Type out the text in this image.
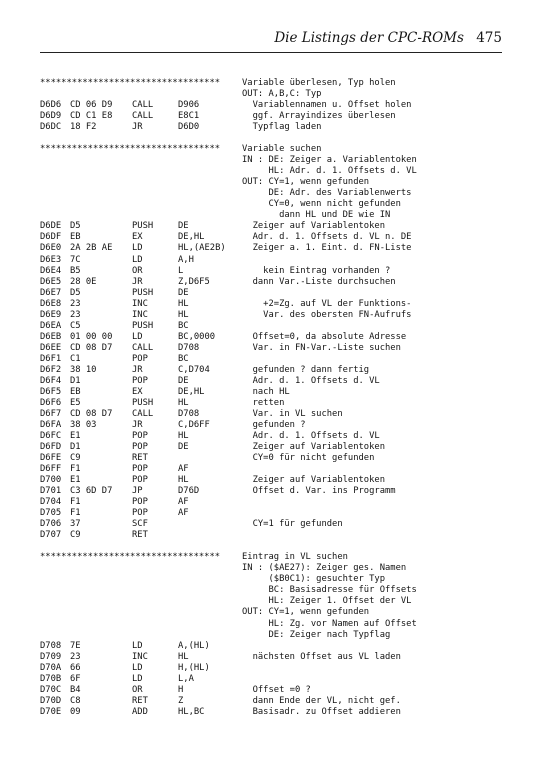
Die Listings der CPC-ROMs 475
********************************** Variable überlesen, Typ holen
OUT: A,B,C: Typ
D6D6 CD 06 D9 CALL	D906	Variablennamen u. Offset holen
D6D9 CD C1 E8 CALL	E8C1	ggf. Arrayindizes überlesen
D6DC 18 F2	JR	D6D0	Typflag laden
********************************** Variable suchen
IN : DE: Zeiger a. Variablentoken
HL: Adr. d. 1. Offsets d. VL
OUT: CY=1, wenn gefunden
DE: Adr. des Variablenwerts
CY=0, wenn nicht gefunden
dann HL und DE wie IN
D6DE D5	PUSH	DE	Zeiger auf Variablentoken
D6DF EB	EX	DE,HL	Adr. d. 1. Offsets d. VL n. DE
D6E0 2A 2B AE LD	HL,(AE2B) Zeiger a. 1. Eint. d. FN-Liste
D6E3 7C	LD	A,H
D6E4 B5	OR	L	kein Eintrag vorhanden ?
D6E5 28 0E	JR	Z,D6F5	dann Var.-Liste durchsuchen
D6E7 D5	PUSH	DE
D6E8 23	INC	HL	+2=Zg. auf VL der Funktions-
D6E9 23	INC	HL	Var. des obersten FN-Aufrufs
D6EA C5	PUSH	BC
D6EB 01 00 00 LD	BC,0000	Offset=0, da absolute Adresse
D6EE CD 08 D7 CALL	D708	Var. in FN-Var.-Liste suchen
D6F1 C1	POP	BC
D6F2 38 10	JR	C,D704	gefunden ? dann fertig
D6F4 D1	POP	DE	Adr. d. 1. Offsets d. VL
D6F5 EB	EX	DE,HL	nach HL
D6F6 E5	PUSH	HL	retten
D6F7 CD 08 D7 CALL	D708	Var. in VL suchen
D6FA 38 03	JR	C,D6FF	gefunden ?
D6FC E1	POP	HL	Adr. d. 1. Offsets d. VL
D6FD D1	POP	DE	Zeiger auf Variablentoken
D6FE C9	RET	CY=0 für nicht gefunden
D6FF F1	POP	AF
D700 E1	POP	HL	Zeiger auf Variablentoken
D701 C3 6D D7 JP	D76D	Offset d. Var. ins Programm
D704 F1	POP	AF
D705 F1	POP	AF
D706 37	SCF	CY=1 für gefunden
D707 C9	RET
********************************** Eintrag in VL suchen
IN : ($AE27): Zeiger ges. Namen
($B0C1): gesuchter Typ
BC: Basisadresse für Offsets
HL: Zeiger 1. Offset der VL
OUT: CY=1, wenn gefunden
HL: Zg. vor Namen auf Offset
DE: Zeiger nach Typflag
D708 7E	LD	A,(HL)
D709 23	INC	HL	nächsten Offset aus VL laden
D70A 66	LD	H,(HL)
D70B 6F	LD	L,A
D70C B4	OR	H	Offset =0 ?
D70D C8	RET	Z	dann Ende der VL, nicht gef.
D70E 09	ADD	HL,BC	Basisadr. zu Offset addieren
